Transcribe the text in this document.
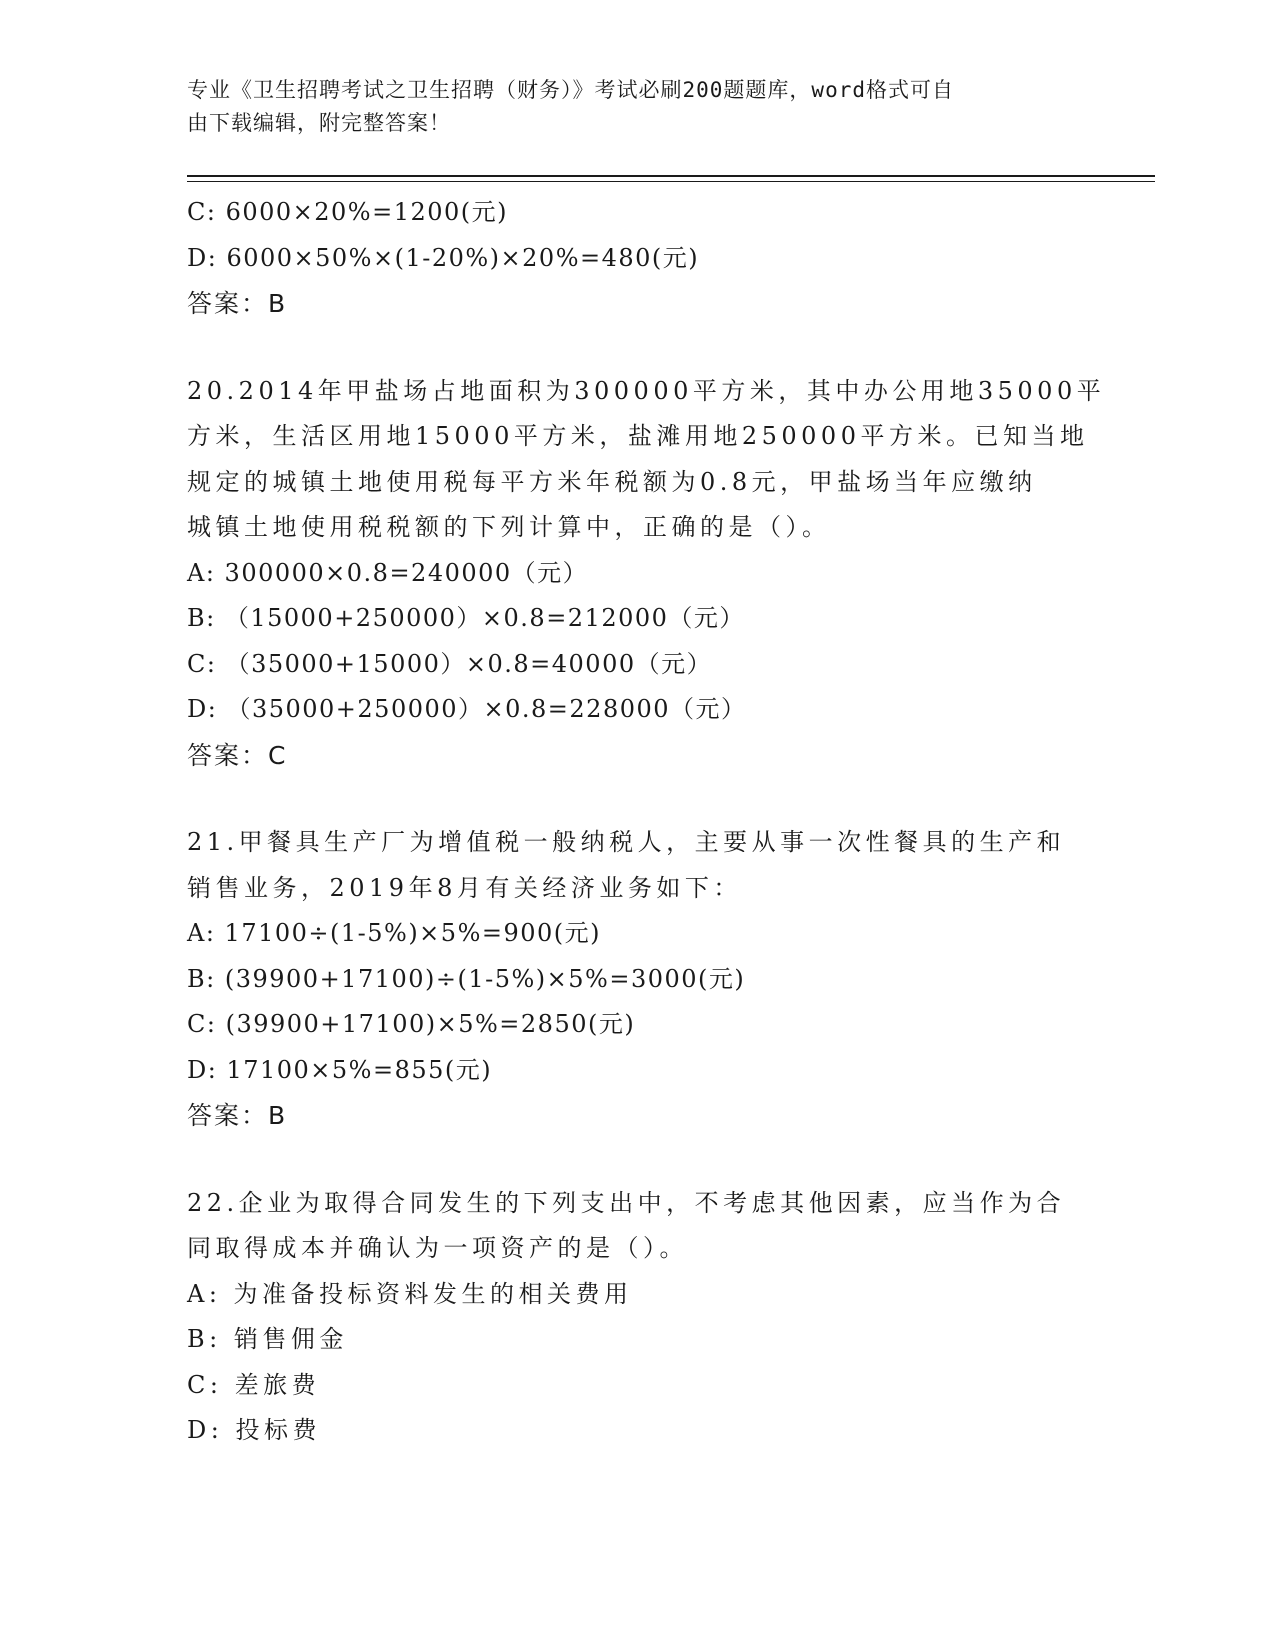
专业《卫生招聘考试之卫生招聘（财务）》考试必刷200题题库，word格式可自
由下载编辑，附完整答案！
C: 6000×20%=1200(元)
D: 6000×50%×(1-20%)×20%=480(元)
答案：B
20.2014年甲盐场占地面积为300000平方米，其中办公用地35000平
方米，生活区用地15000平方米，盐滩用地250000平方米。已知当地
规定的城镇土地使用税每平方米年税额为0.8元，甲盐场当年应缴纳
城镇土地使用税税额的下列计算中，正确的是（）。
A: 300000×0.8=240000（元）
B: （15000+250000）×0.8=212000（元）
C: （35000+15000）×0.8=40000（元）
D: （35000+250000）×0.8=228000（元）
答案：C
21.甲餐具生产厂为增值税一般纳税人，主要从事一次性餐具的生产和
销售业务，2019年8月有关经济业务如下：
A: 17100÷(1-5%)×5%=900(元)
B: (39900+17100)÷(1-5%)×5%=3000(元)
C: (39900+17100)×5%=2850(元)
D: 17100×5%=855(元)
答案：B
22.企业为取得合同发生的下列支出中，不考虑其他因素，应当作为合
同取得成本并确认为一项资产的是（）。
A: 为准备投标资料发生的相关费用
B: 销售佣金
C: 差旅费
D: 投标费
